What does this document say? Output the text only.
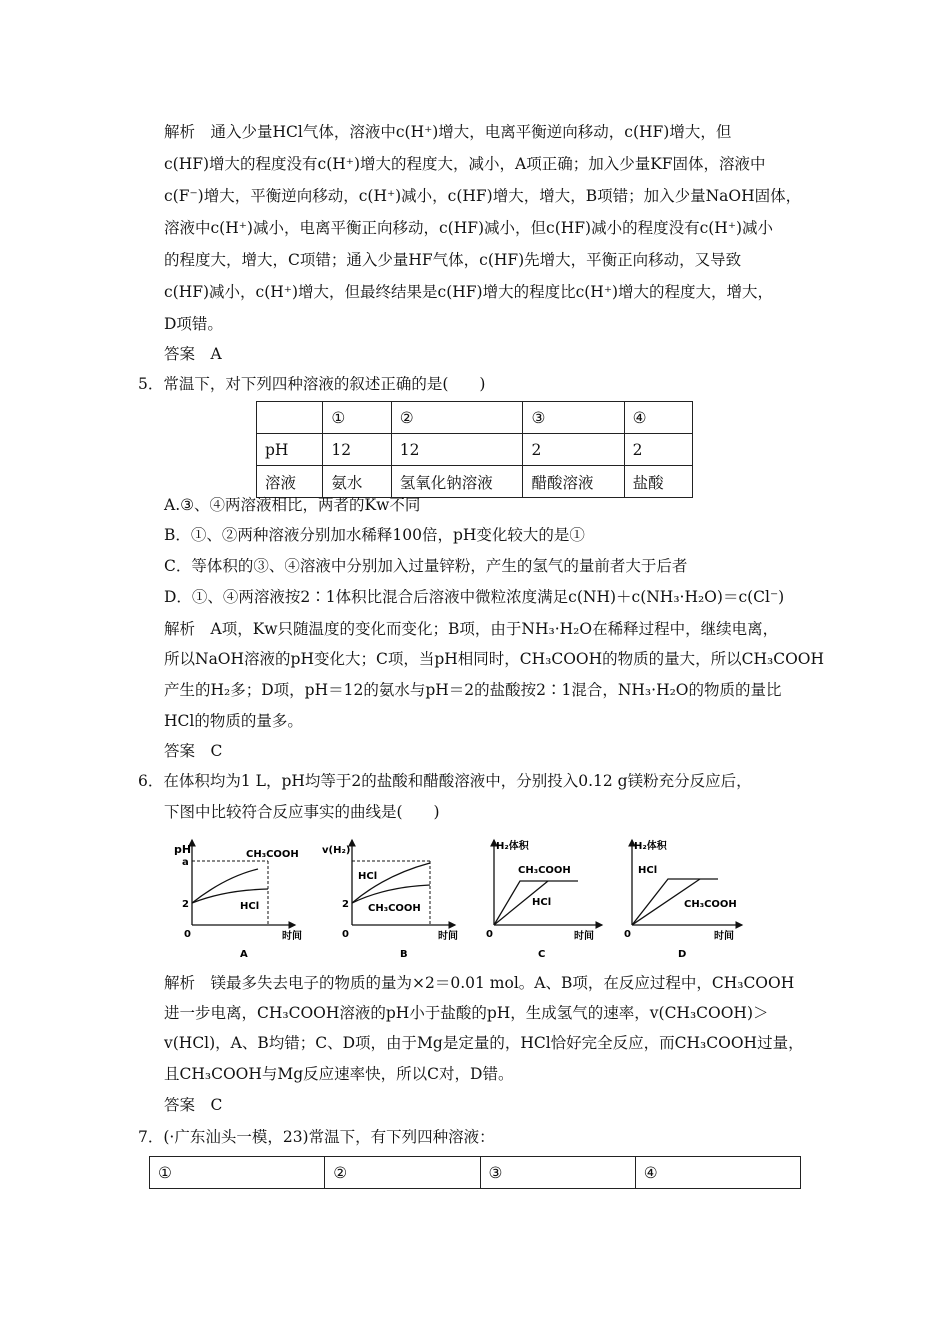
解析　通入少量HCl气体，溶液中c(H⁺)增大，电离平衡逆向移动，c(HF)增大，但
c(HF)增大的程度没有c(H⁺)增大的程度大，减小，A项正确；加入少量KF固体，溶液中
c(F⁻)增大，平衡逆向移动，c(H⁺)减小，c(HF)增大，增大，B项错；加入少量NaOH固体，
溶液中c(H⁺)减小，电离平衡正向移动，c(HF)减小，但c(HF)减小的程度没有c(H⁺)减小
的程度大，增大，C项错；通入少量HF气体，c(HF)先增大，平衡正向移动，又导致
c(HF)减小，c(H⁺)增大，但最终结果是c(HF)增大的程度比c(H⁺)增大的程度大，增大，
D项错。
答案　A
5．常温下，对下列四种溶液的叙述正确的是(　　)
	①	②	③	④
pH	12	12	2	2
溶液	氨水	氢氧化钠溶液	醋酸溶液	盐酸
A.③、④两溶液相比，两者的Kw不同
B．①、②两种溶液分别加水稀释100倍，pH变化较大的是①
C．等体积的③、④溶液中分别加入过量锌粉，产生的氢气的量前者大于后者
D．①、④两溶液按2∶1体积比混合后溶液中微粒浓度满足c(NH)＋c(NH₃·H₂O)＝c(Cl⁻)
解析　A项，Kw只随温度的变化而变化；B项，由于NH₃·H₂O在稀释过程中，继续电离，
所以NaOH溶液的pH变化大；C项，当pH相同时，CH₃COOH的物质的量大，所以CH₃COOH
产生的H₂多；D项，pH＝12的氨水与pH＝2的盐酸按2∶1混合，NH₃·H₂O的物质的量比
HCl的物质的量多。
答案　C
6．在体积均为1 L，pH均等于2的盐酸和醋酸溶液中，分别投入0.12 g镁粉充分反应后，
下图中比较符合反应事实的曲线是(　　)
pH
a
2
0
CH₃COOH
HCl
时间
A
v(H₂)
2
0
HCl
CH₃COOH
时间
B
H₂体积
0
CH₃COOH
HCl
时间
C
H₂体积
0
HCl
CH₃COOH
时间
D
解析　镁最多失去电子的物质的量为×2＝0.01 mol。A、B项，在反应过程中，CH₃COOH
进一步电离，CH₃COOH溶液的pH小于盐酸的pH，生成氢气的速率，v(CH₃COOH)＞
v(HCl)，A、B均错；C、D项，由于Mg是定量的，HCl恰好完全反应，而CH₃COOH过量，
且CH₃COOH与Mg反应速率快，所以C对，D错。
答案　C
7．(·广东汕头一模，23)常温下，有下列四种溶液：
①	②	③	④
